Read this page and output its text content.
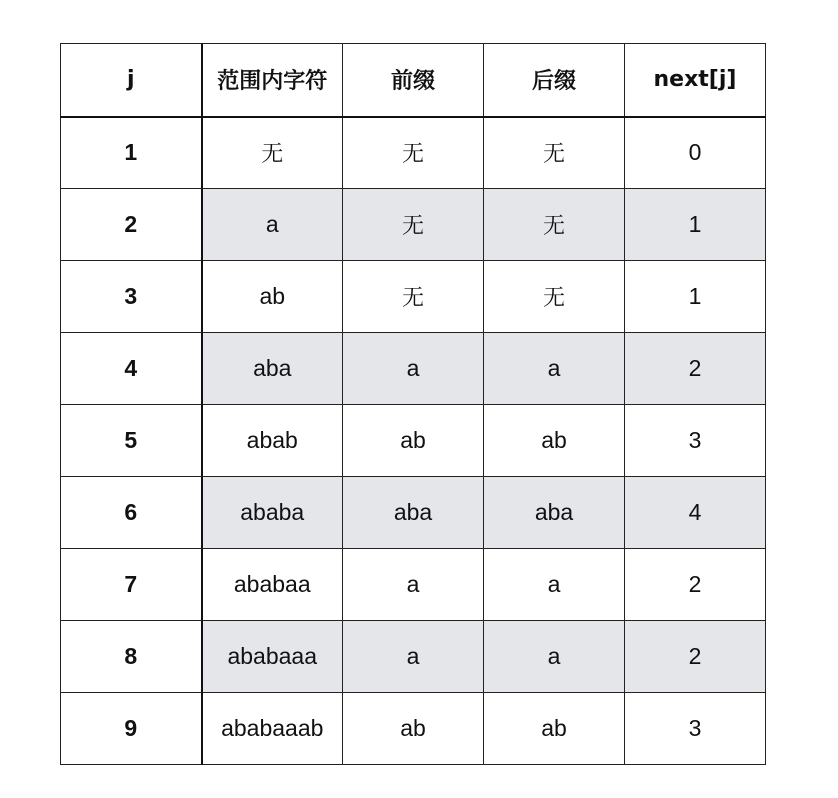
j	范围内字符	前缀	后缀	next[j]
1	无	无	无	0
2	a	无	无	1
3	ab	无	无	1
4	aba	a	a	2
5	abab	ab	ab	3
6	ababa	aba	aba	4
7	ababaa	a	a	2
8	ababaaa	a	a	2
9	ababaaab	ab	ab	3
